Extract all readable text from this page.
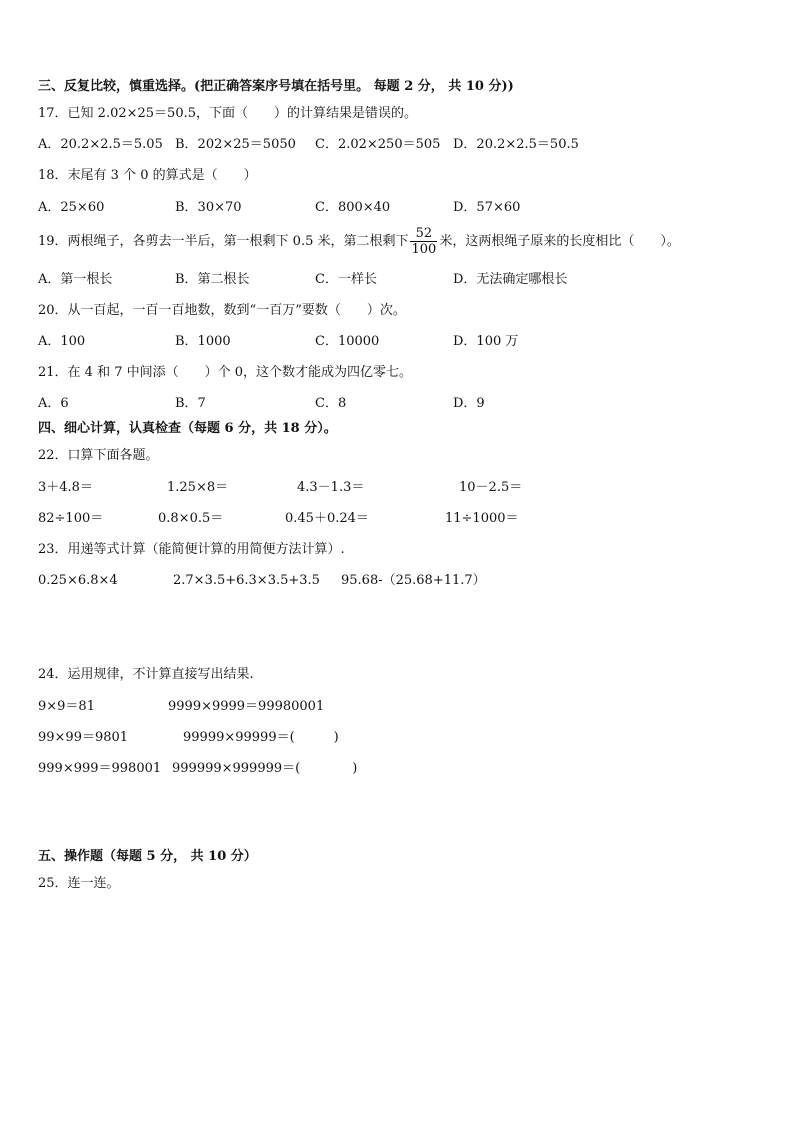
三、反复比较，慎重选择。(把正确答案序号填在括号里。 每题 2 分， 共 10 分))
17．已知 2.02×25＝50.5，下面（　　）的计算结果是错误的。
A．20.2×2.5＝5.05 B．202×25＝5050 C．2.02×250＝505 D．20.2×2.5＝50.5
18．末尾有 3 个 0 的算式是（　　）
A．25×60	B．30×70	C．800×40	D．57×60
19．两根绳子，各剪去一半后，第一根剩下 0.5 米，第二根剩下 $\frac{52}{100}$ 米，这两根绳子原来的长度相比（　　）。
A．第一根长	B．第二根长	C．一样长	D．无法确定哪根长
20．从一百起，一百一百地数，数到“一百万”要数（　　）次。
A．100	B．1000	C．10000	D．100 万
21．在 4 和 7 中间添（　　）个 0，这个数才能成为四亿零七。
A．6	B．7	C．8	D．9
四、细心计算，认真检查（每题 6 分，共 18 分）。
22．口算下面各题。
3＋4.8＝	1.25×8＝	4.3－1.3＝	10－2.5＝
82÷100＝	0.8×0.5＝	0.45＋0.24＝	11÷1000＝
23．用递等式计算（能简便计算的用简便方法计算）.
0.25×6.8×4	2.7×3.5+6.3×3.5+3.5 95.68-（25.68+11.7）
24．运用规律，不计算直接写出结果.
9×9＝81	9999×9999＝99980001
99×99＝9801	99999×99999＝(　　　)
999×999＝998001 999999×999999＝(　　　　)
五、操作题（每题 5 分， 共 10 分）
25．连一连。
